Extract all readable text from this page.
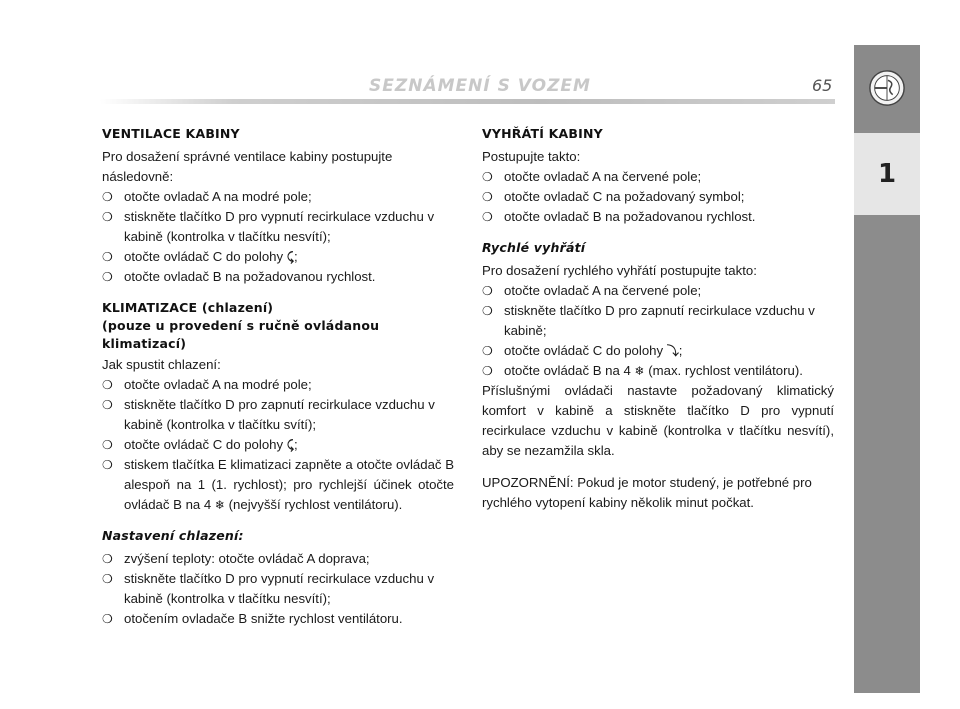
SEZNÁMENÍ S VOZEM	65
1
VENTILACE KABINY

Pro dosažení správné ventilace kabiny postupujte následovně:

❍ otočte ovladač A na modré pole;
❍ stiskněte tlačítko D pro vypnutí recirkulace vzduchu v kabině (kontrolka v tlačítku nesvítí);
❍ otočte ovládač C do polohy ⤹;
❍ otočte ovladač B na požadovanou rychlost.
KLIMATIZACE (chlazení)
(pouze u provedení s ručně ovládanou klimatizací)

Jak spustit chlazení:

❍ otočte ovladač A na modré pole;
❍ stiskněte tlačítko D pro zapnutí recirkulace vzduchu v kabině (kontrolka v tlačítku svítí);
❍ otočte ovládač C do polohy ⤹;
❍ stiskem tlačítka E klimatizaci zapněte a otočte ovládač B alespoň na 1 (1. rychlost); pro rychlejší účinek otočte ovládač B na 4 ❄ (nejvyšší rychlost ventilátoru).
Nastavení chlazení:
❍ zvýšení teploty: otočte ovládač A doprava;
❍ stiskněte tlačítko D pro vypnutí recirkulace vzduchu v kabině (kontrolka v tlačítku nesvítí);
❍ otočením ovladače B snižte rychlost ventilátoru.
VYHŘÁTÍ KABINY

Postupujte takto:

❍ otočte ovladač A na červené pole;
❍ otočte ovladač C na požadovaný symbol;
❍ otočte ovladač B na požadovanou rychlost.
Rychlé vyhřátí

Pro dosažení rychlého vyhřátí postupujte takto:

❍ otočte ovladač A na červené pole;
❍ stiskněte tlačítko D pro zapnutí recirkulace vzduchu v kabině;
❍ otočte ovládač C do polohy ⤵;
❍ otočte ovládač B na 4 ❄ (max. rychlost ventilátoru).

Příslušnými ovládači nastavte požadovaný klimatický komfort v kabině a stiskněte tlačítko D pro vypnutí recirkulace vzduchu v kabině (kontrolka v tlačítku nesvítí), aby se nezamžila skla.

UPOZORNĚNÍ: Pokud je motor studený, je potřebné pro rychlého vytopení kabiny několik minut počkat.
